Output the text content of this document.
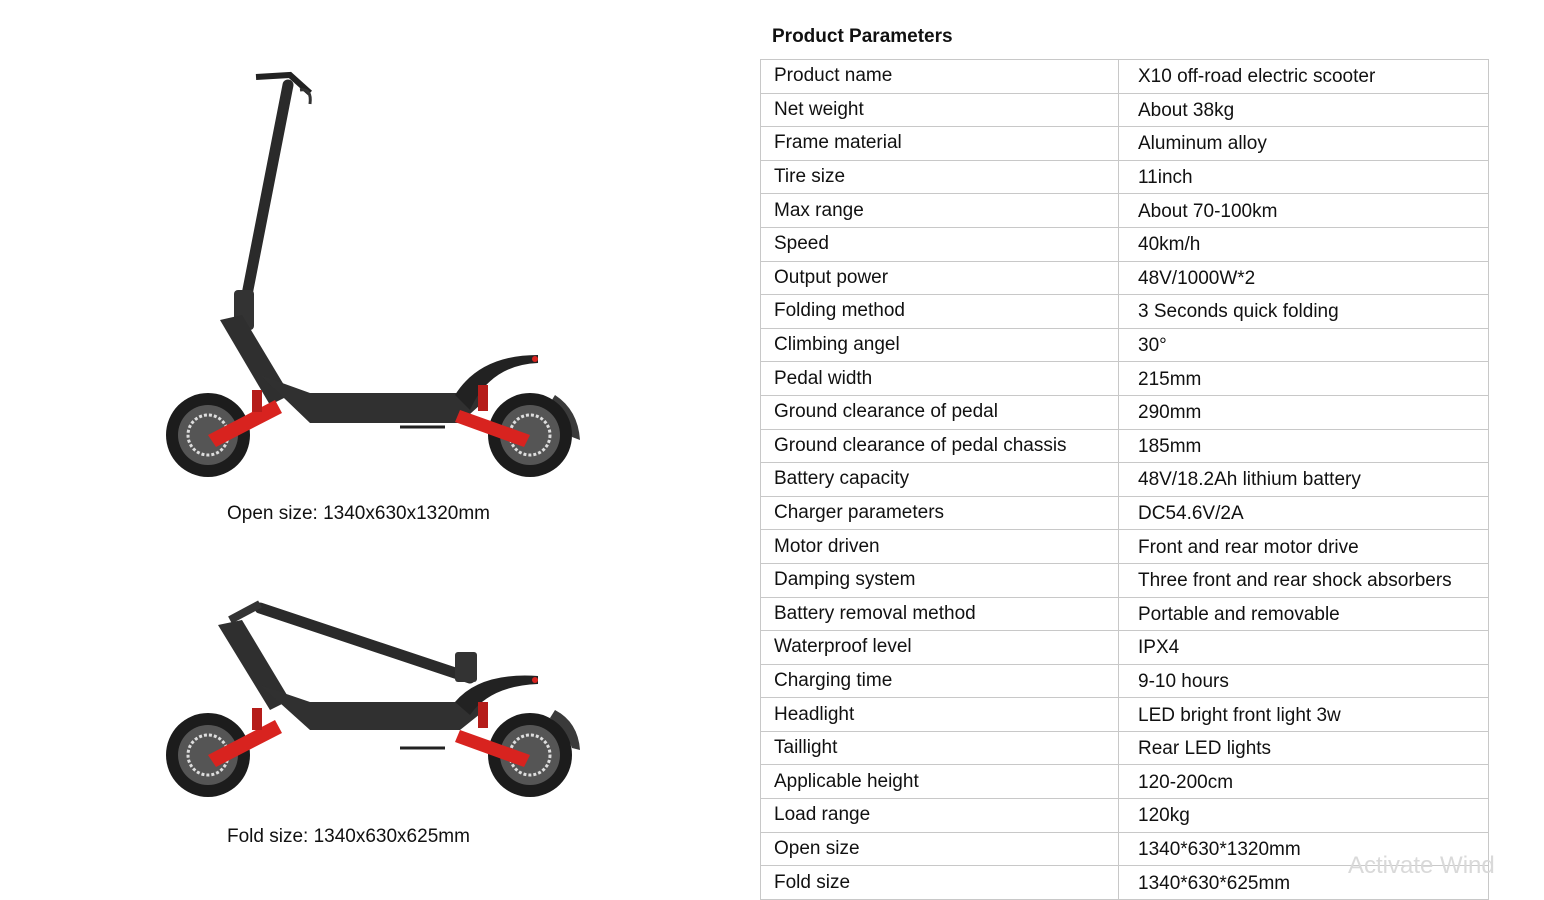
Open size: 1340x630x1320mm
Fold size: 1340x630x625mm
Product Parameters
Product name	X10 off-road electric scooter
Net weight	About 38kg
Frame material	Aluminum alloy
Tire size	11inch
Max range	About 70-100km
Speed	40km/h
Output power	48V/1000W*2
Folding method	3 Seconds quick folding
Climbing angel	30°
Pedal width	215mm
Ground clearance of pedal	290mm
Ground clearance of pedal chassis	185mm
Battery capacity	48V/18.2Ah lithium battery
Charger parameters	DC54.6V/2A
Motor driven	Front and rear motor drive
Damping system	Three front and rear shock absorbers
Battery removal method	Portable and removable
Waterproof level	IPX4
Charging time	9-10 hours
Headlight	LED bright front light 3w
Taillight	Rear LED lights
Applicable height	120-200cm
Load range	120kg
Open size	1340*630*1320mm
Fold size	1340*630*625mm
Activate Wind
